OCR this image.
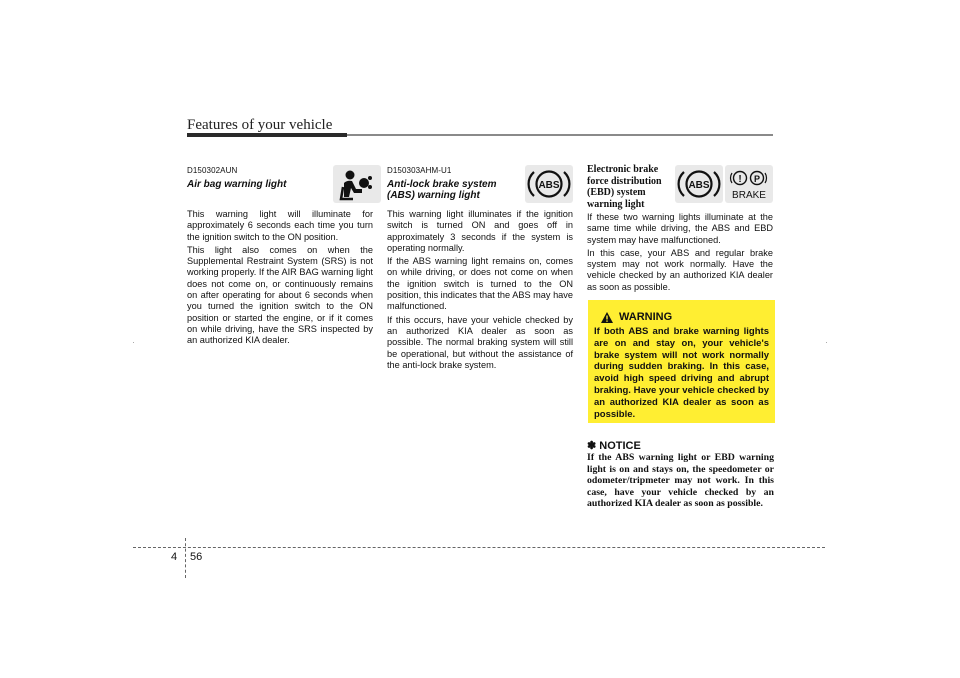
Features of your vehicle
ABS	ABS
! P
BRAKE

D150302AUN

Air bag warning light

This warning light will illuminate for approximately 6 seconds each time you turn the ignition switch to the ON position.

This light also comes on when the Supplemental Restraint System (SRS) is not working properly. If the AIR BAG warning light does not come on, or continuously remains on after operating for about 6 seconds when you turned the ignition switch to the ON position or started the engine, or if it comes on while driving, have the SRS inspected by an authorized KIA dealer.

D150303AHM-U1

Anti-lock brake system

(ABS) warning light

This warning light illuminates if the ignition switch is turned ON and goes off in approximately 3 seconds if the system is operating normally.

If the ABS warning light remains on, comes on while driving, or does not come on when the ignition switch is turned to the ON position, this indicates that the ABS may have malfunctioned.

If this occurs, have your vehicle checked by an authorized KIA dealer as soon as possible. The normal braking system will still be operational, but without the assistance of the anti-lock brake system.

Electronic brake
force distribution
(EBD) system
warning light

If these two warning lights illuminate at the same time while driving, the ABS and EBD system may have malfunctioned.

In this case, your ABS and regular brake system may not work normally. Have the vehicle checked by an authorized KIA dealer as soon as possible.

WARNING

If both ABS and brake warning lights are on and stay on, your vehicle's brake system will not work normally during sudden braking. In this case, avoid high speed driving and abrupt braking. Have your vehicle checked by an authorized KIA dealer as soon as possible.

✽ NOTICE

If the ABS warning light or EBD warning light is on and stays on, the speedometer or odometer/tripmeter may not work. In this case, have your vehicle checked by an authorized KIA dealer as soon as possible.

4 56
